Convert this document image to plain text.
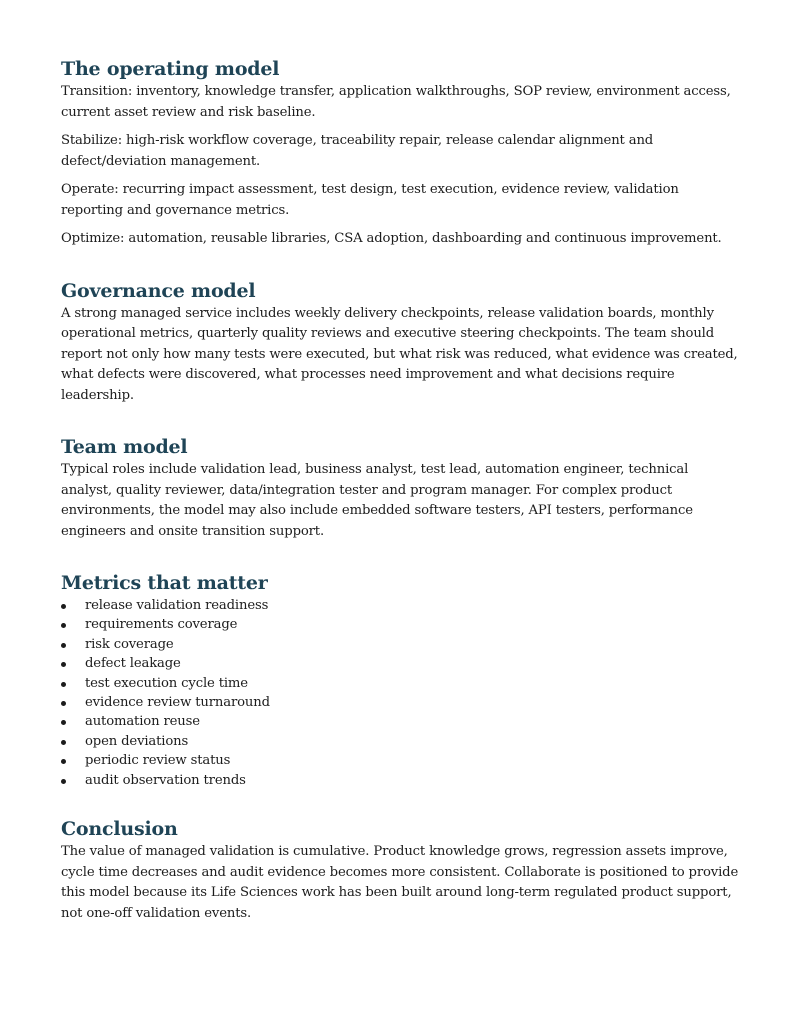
The operating model

Transition: inventory, knowledge transfer, application walkthroughs, SOP review, environment access, current asset review and risk baseline.

Stabilize: high-risk workflow coverage, traceability repair, release calendar alignment and defect/deviation management.

Operate: recurring impact assessment, test design, test execution, evidence review, validation reporting and governance metrics.

Optimize: automation, reusable libraries, CSA adoption, dashboarding and continuous improvement.

Governance model

A strong managed service includes weekly delivery checkpoints, release validation boards, monthly operational metrics, quarterly quality reviews and executive steering checkpoints. The team should report not only how many tests were executed, but what risk was reduced, what evidence was created, what defects were discovered, what processes need improvement and what decisions require leadership.

Team model

Typical roles include validation lead, business analyst, test lead, automation engineer, technical analyst, quality reviewer, data/integration tester and program manager. For complex product environments, the model may also include embedded software testers, API testers, performance engineers and onsite transition support.

Metrics that matter
release validation readiness
requirements coverage
risk coverage
defect leakage
test execution cycle time
evidence review turnaround
automation reuse
open deviations
periodic review status
audit observation trends
Conclusion

The value of managed validation is cumulative. Product knowledge grows, regression assets improve, cycle time decreases and audit evidence becomes more consistent. Collaborate is positioned to provide this model because its Life Sciences work has been built around long-term regulated product support, not one-off validation events.
